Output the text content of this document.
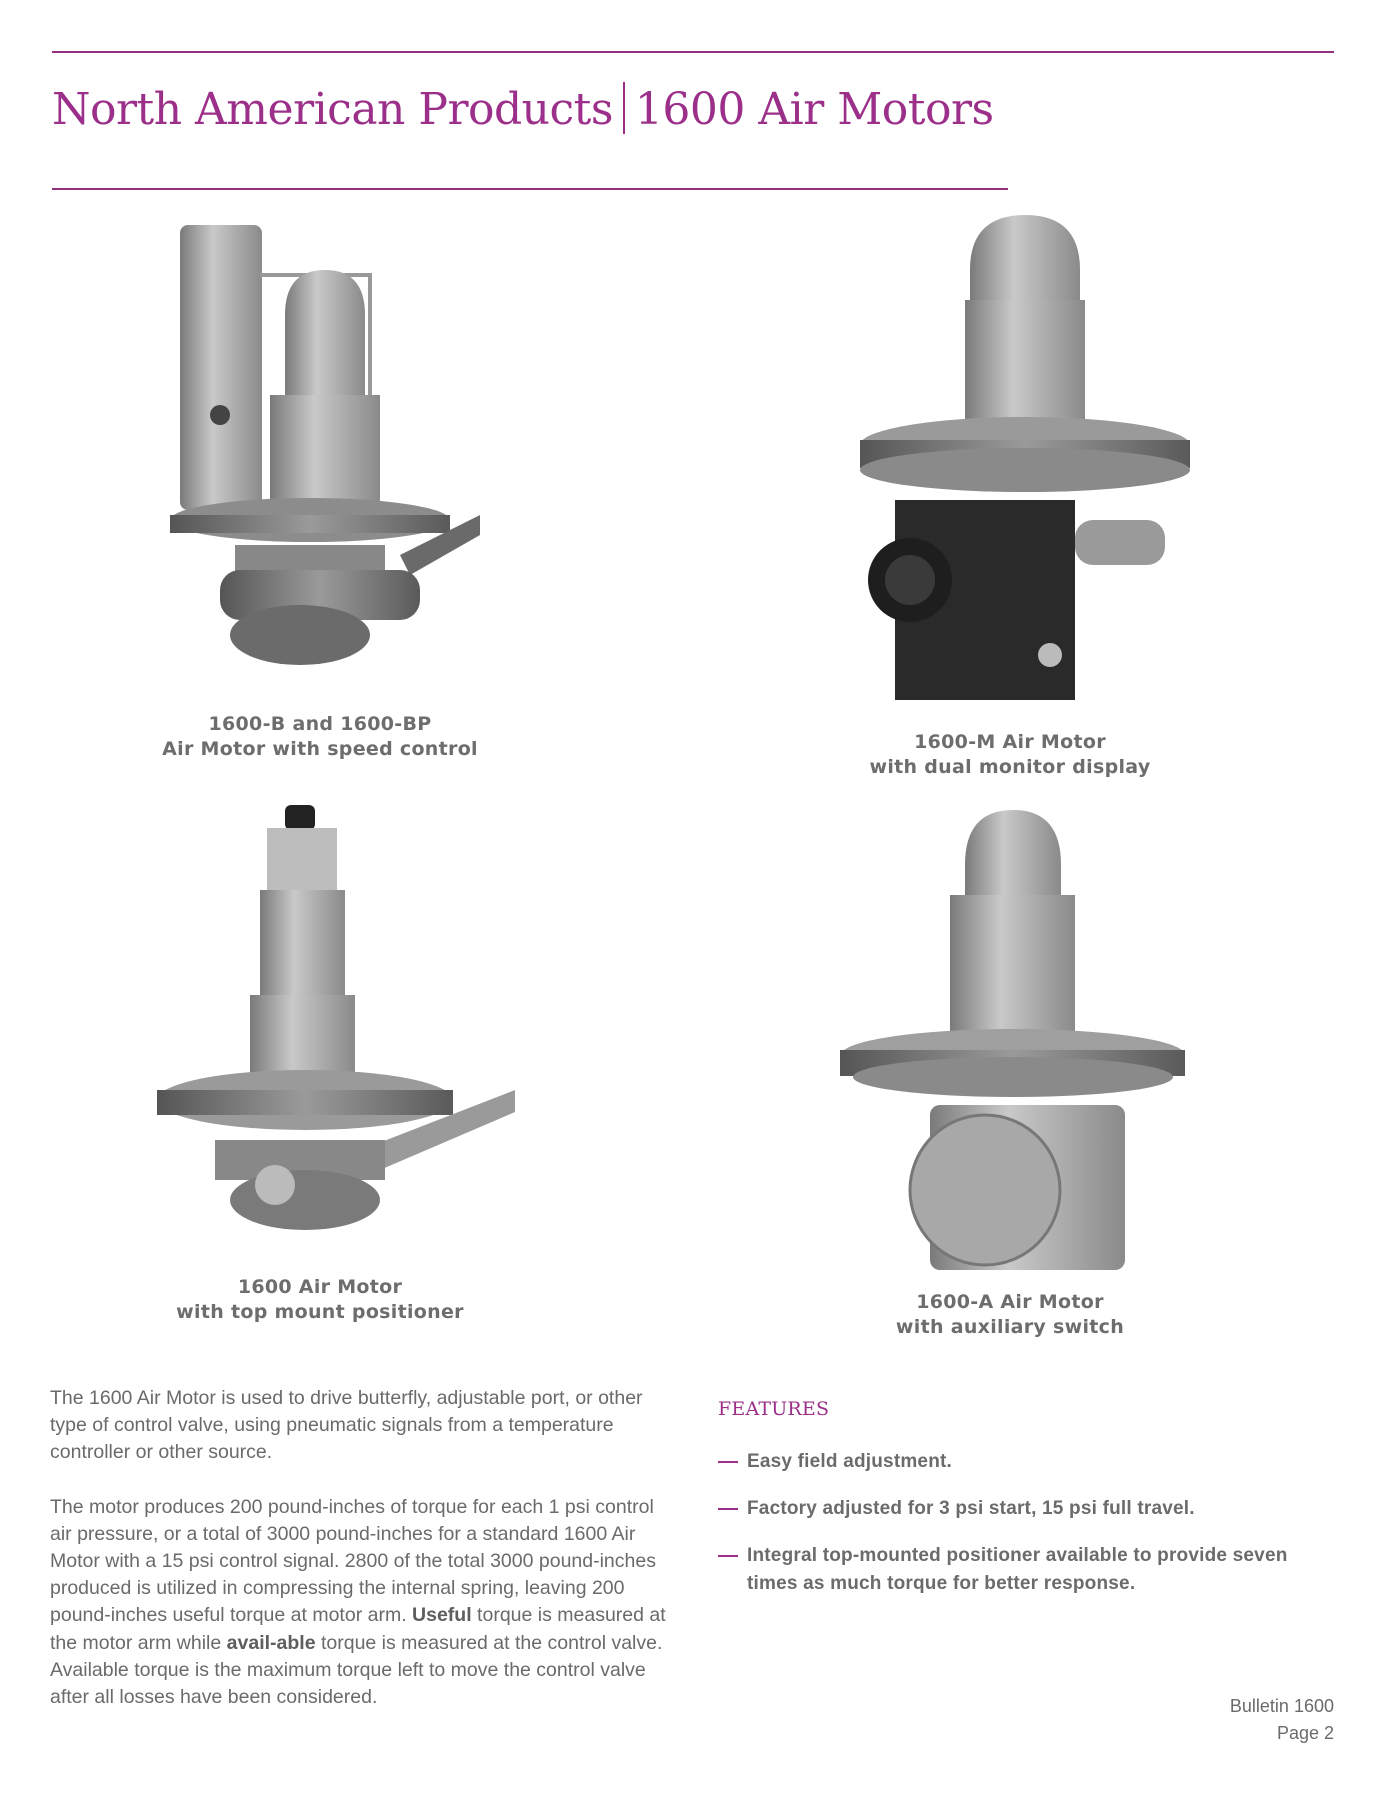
North American Products 1600 Air Motors
1600-B and 1600-BP
Air Motor with speed control	1600-M Air Motor
with dual monitor display
1600 Air Motor
with top mount positioner	1600-A Air Motor
with auxiliary switch

The 1600 Air Motor is used to drive butterfly, adjustable port, or other type of control valve, using pneumatic signals from a temperature controller or other source.

The motor produces 200 pound-inches of torque for each 1 psi control air pressure, or a total of 3000 pound-inches for a standard 1600 Air Motor with a 15 psi control signal. 2800 of the total 3000 pound-inches produced is utilized in compressing the internal spring, leaving 200 pound-inches useful torque at motor arm. Useful torque is measured at the motor arm while avail-able torque is measured at the control valve. Available torque is the maximum torque left to move the control valve after all losses have been considered.

FEATURES
Easy field adjustment.
Factory adjusted for 3 psi start, 15 psi full travel.
Integral top-mounted positioner available to provide seven times as much torque for better response.
Bulletin 1600
Page 2
